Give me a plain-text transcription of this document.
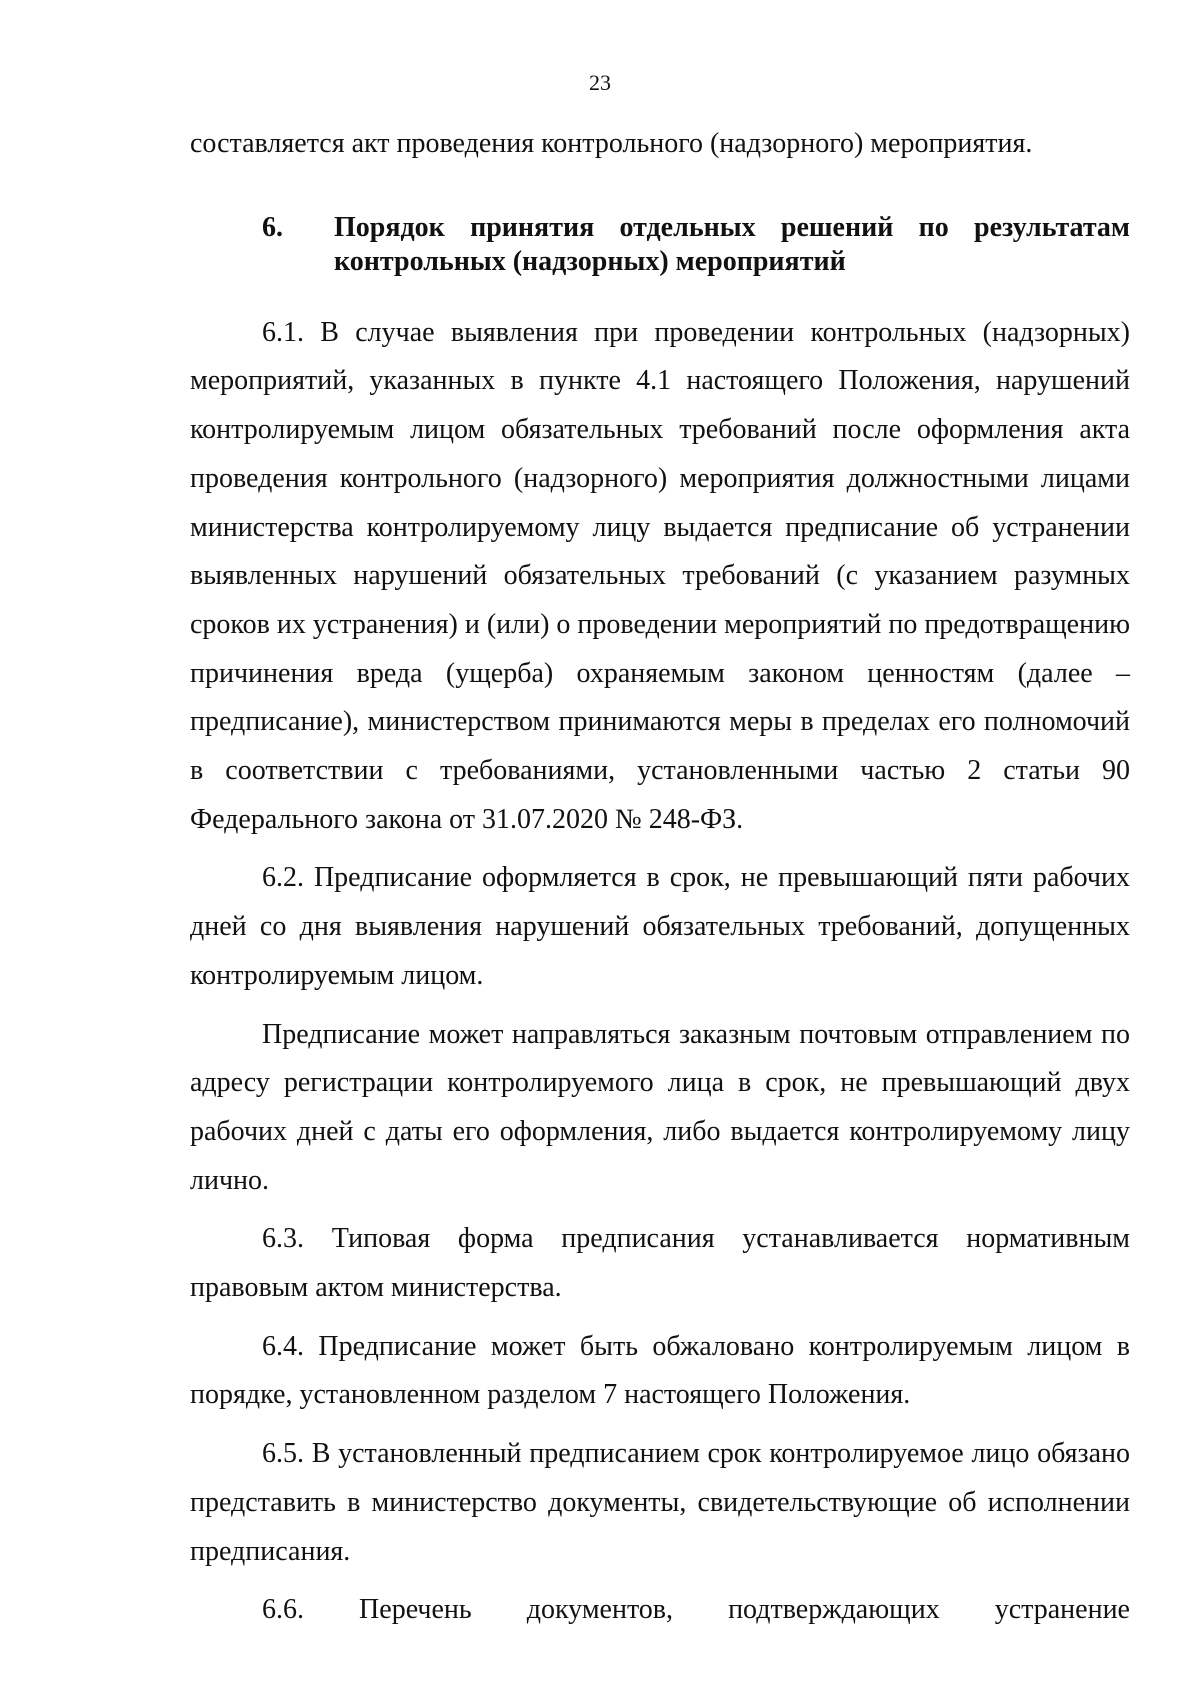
23

составляется акт проведения контрольного (надзорного) мероприятия.

6.	Порядок принятия отдельных решений по результатам контрольных (надзорных) мероприятий

6.1. В случае выявления при проведении контрольных (надзорных) мероприятий, указанных в пункте 4.1 настоящего Положения, нарушений контролируемым лицом обязательных требований после оформления акта проведения контрольного (надзорного) мероприятия должностными лицами министерства контролируемому лицу выдается предписание об устранении выявленных нарушений обязательных требований (с указанием разумных сроков их устранения) и (или) о проведении мероприятий по предотвращению причинения вреда (ущерба) охраняемым законом ценностям (далее – предписание), министерством принимаются меры в пределах его полномочий в соответствии с требованиями, установленными частью 2 статьи 90 Федерального закона от 31.07.2020 № 248-ФЗ.

6.2. Предписание оформляется в срок, не превышающий пяти рабочих дней со дня выявления нарушений обязательных требований, допущенных контролируемым лицом.

Предписание может направляться заказным почтовым отправлением по адресу регистрации контролируемого лица в срок, не превышающий двух рабочих дней с даты его оформления, либо выдается контролируемому лицу лично.

6.3. Типовая форма предписания устанавливается нормативным правовым актом министерства.

6.4. Предписание может быть обжаловано контролируемым лицом в порядке, установленном разделом 7 настоящего Положения.

6.5. В установленный предписанием срок контролируемое лицо обязано представить в министерство документы, свидетельствующие об исполнении предписания.

6.6. Перечень документов, подтверждающих устранение
